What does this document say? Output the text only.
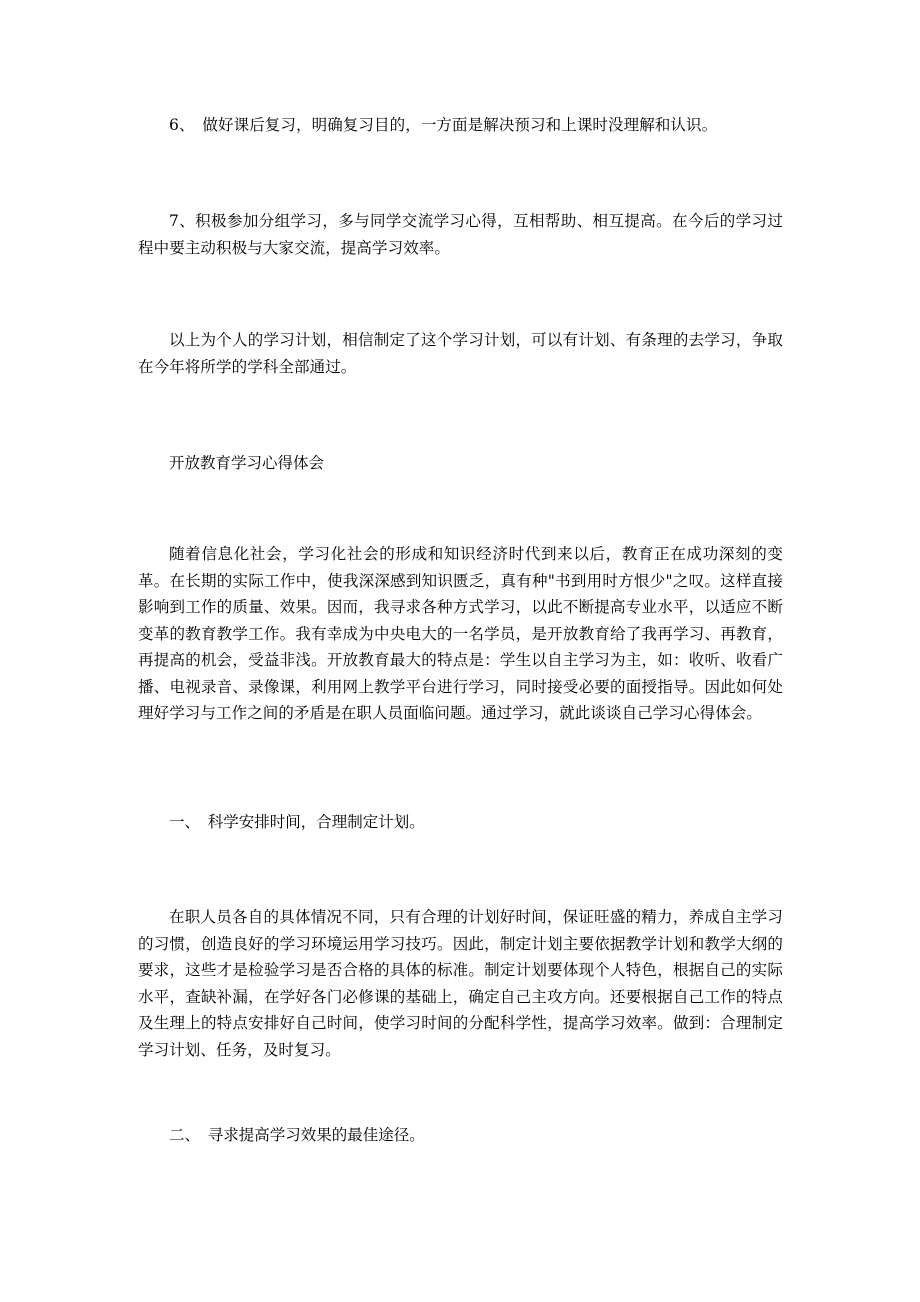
6、　做好课后复习，明确复习目的，一方面是解决预习和上课时没理解和认识。

7、积极参加分组学习，多与同学交流学习心得，互相帮助、相互提高。在今后的学习过程中要主动积极与大家交流，提高学习效率。

以上为个人的学习计划，相信制定了这个学习计划，可以有计划、有条理的去学习，争取在今年将所学的学科全部通过。

开放教育学习心得体会

随着信息化社会，学习化社会的形成和知识经济时代到来以后，教育正在成功深刻的变革。在长期的实际工作中，使我深深感到知识匮乏，真有种"书到用时方恨少"之叹。这样直接影响到工作的质量、效果。因而，我寻求各种方式学习，以此不断提高专业水平，以适应不断变革的教育教学工作。我有幸成为中央电大的一名学员，是开放教育给了我再学习、再教育，再提高的机会，受益非浅。开放教育最大的特点是：学生以自主学习为主，如：收听、收看广播、电视录音、录像课，利用网上教学平台进行学习，同时接受必要的面授指导。因此如何处理好学习与工作之间的矛盾是在职人员面临问题。通过学习，就此谈谈自己学习心得体会。

一、　科学安排时间，合理制定计划。

在职人员各自的具体情况不同，只有合理的计划好时间，保证旺盛的精力，养成自主学习的习惯，创造良好的学习环境运用学习技巧。因此，制定计划主要依据教学计划和教学大纲的要求，这些才是检验学习是否合格的具体的标准。制定计划要体现个人特色，根据自己的实际水平，查缺补漏，在学好各门必修课的基础上，确定自己主攻方向。还要根据自己工作的特点及生理上的特点安排好自己时间，使学习时间的分配科学性，提高学习效率。做到：合理制定学习计划、任务，及时复习。

二、　寻求提高学习效果的最佳途径。
